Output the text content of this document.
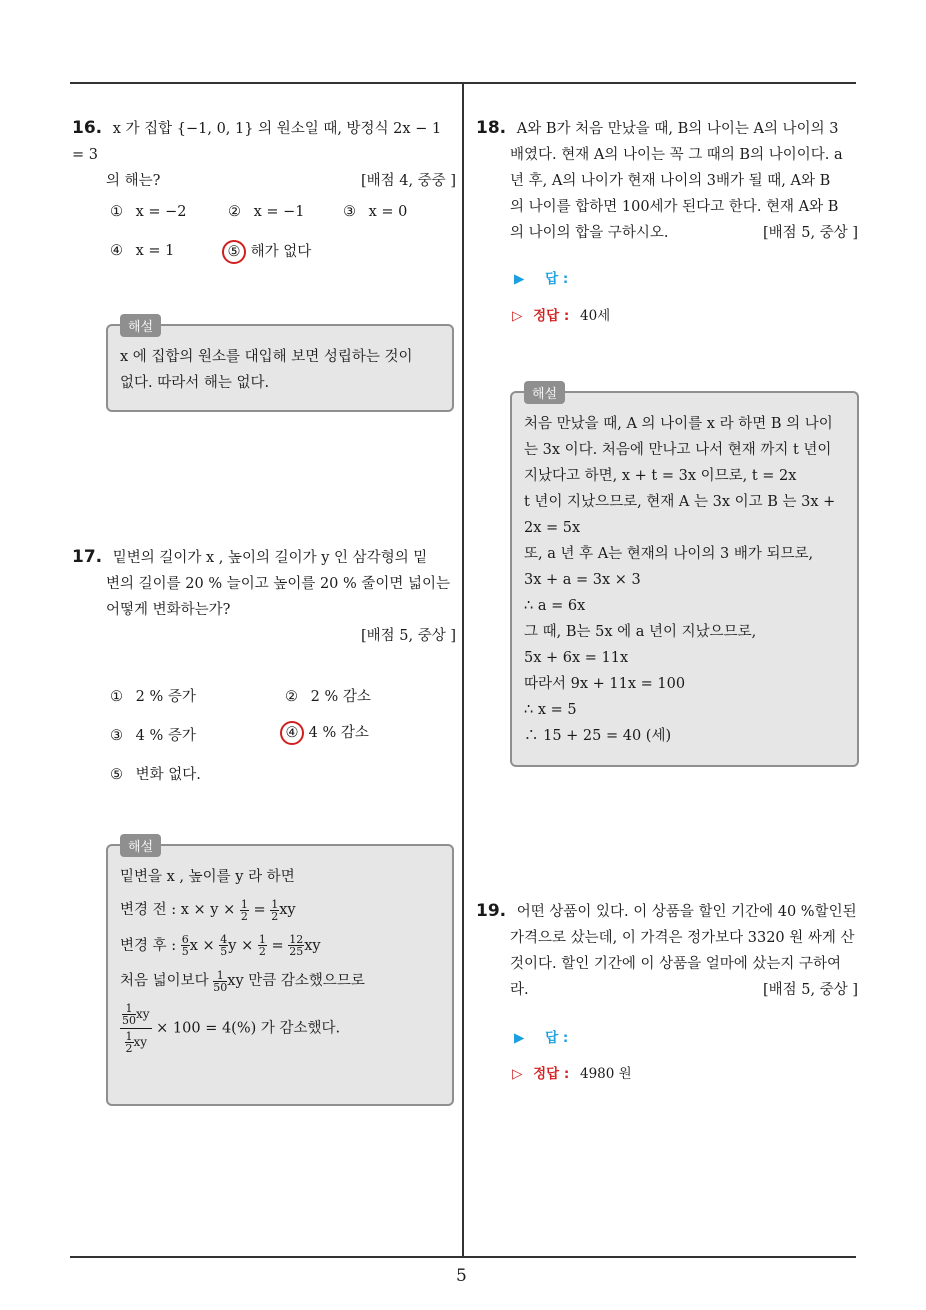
5
16. x 가 집합 {−1, 0, 1} 의 원소일 때, 방정식 2x − 1 = 3
의 해는?	[배점 4, 중중 ]
① x = −2	② x = −1	③ x = 0
④ x = 1	⑤ 해가 없다
해설
x 에 집합의 원소를 대입해 보면 성립하는 것이
없다. 따라서 해는 없다.
17. 밑변의 길이가 x , 높이의 길이가 y 인 삼각형의 밑
변의 길이를 20 % 늘이고 높이를 20 % 줄이면 넓이는
어떻게 변화하는가?
[배점 5, 중상 ]
① 2 % 증가	② 2 % 감소
③ 4 % 증가	④ 4 % 감소
⑤ 변화 없다.
해설
밑변을 x , 높이를 y 라 하면
변경 전 : $x \times y \times \frac{1}{2} = \frac{1}{2}$ xy
변경 후 : $\frac{6}{5}$ $x \times \frac{4}{5}$ $y \times \frac{1}{2} = \frac{12}{25}$ xy
처음 넓이보다 $\frac{1}{50}$ xy 만큼 감소했으므로
$\frac{\frac{1}{50} xy}{\frac{1}{2} xy} \times 100 = 4(\%)$ 가 감소했다.
18. A와 B가 처음 만났을 때, B의 나이는 A의 나이의 3
배였다. 현재 A의 나이는 꼭 그 때의 B의 나이이다. a
년 후, A의 나이가 현재 나이의 3배가 될 때, A와 B
의 나이를 합하면 100세가 된다고 한다. 현재 A와 B
의 나이의 합을 구하시오.	[배점 5, 중상 ]
▶ 답 :
▷ 정답 : 40세
해설
처음 만났을 때, A 의 나이를 x 라 하면 B 의 나이
는 3x 이다. 처음에 만나고 나서 현재 까지 t 년이
지났다고 하면, x + t = 3x 이므로, t = 2x
t 년이 지났으므로, 현재 A 는 3x 이고 B 는 3x +
2x = 5x
또, a 년 후 A는 현재의 나이의 3 배가 되므로,
3x + a = 3x × 3
∴ a = 6x
그 때, B는 5x 에 a 년이 지났으므로,
5x + 6x = 11x
따라서 9x + 11x = 100
∴ x = 5
∴ 15 + 25 = 40 (세)
19. 어떤 상품이 있다. 이 상품을 할인 기간에 40 %할인된
가격으로 샀는데, 이 가격은 정가보다 3320 원 싸게 산
것이다. 할인 기간에 이 상품을 얼마에 샀는지 구하여
라.	[배점 5, 중상 ]
▶ 답 :
▷ 정답 : 4980 원
